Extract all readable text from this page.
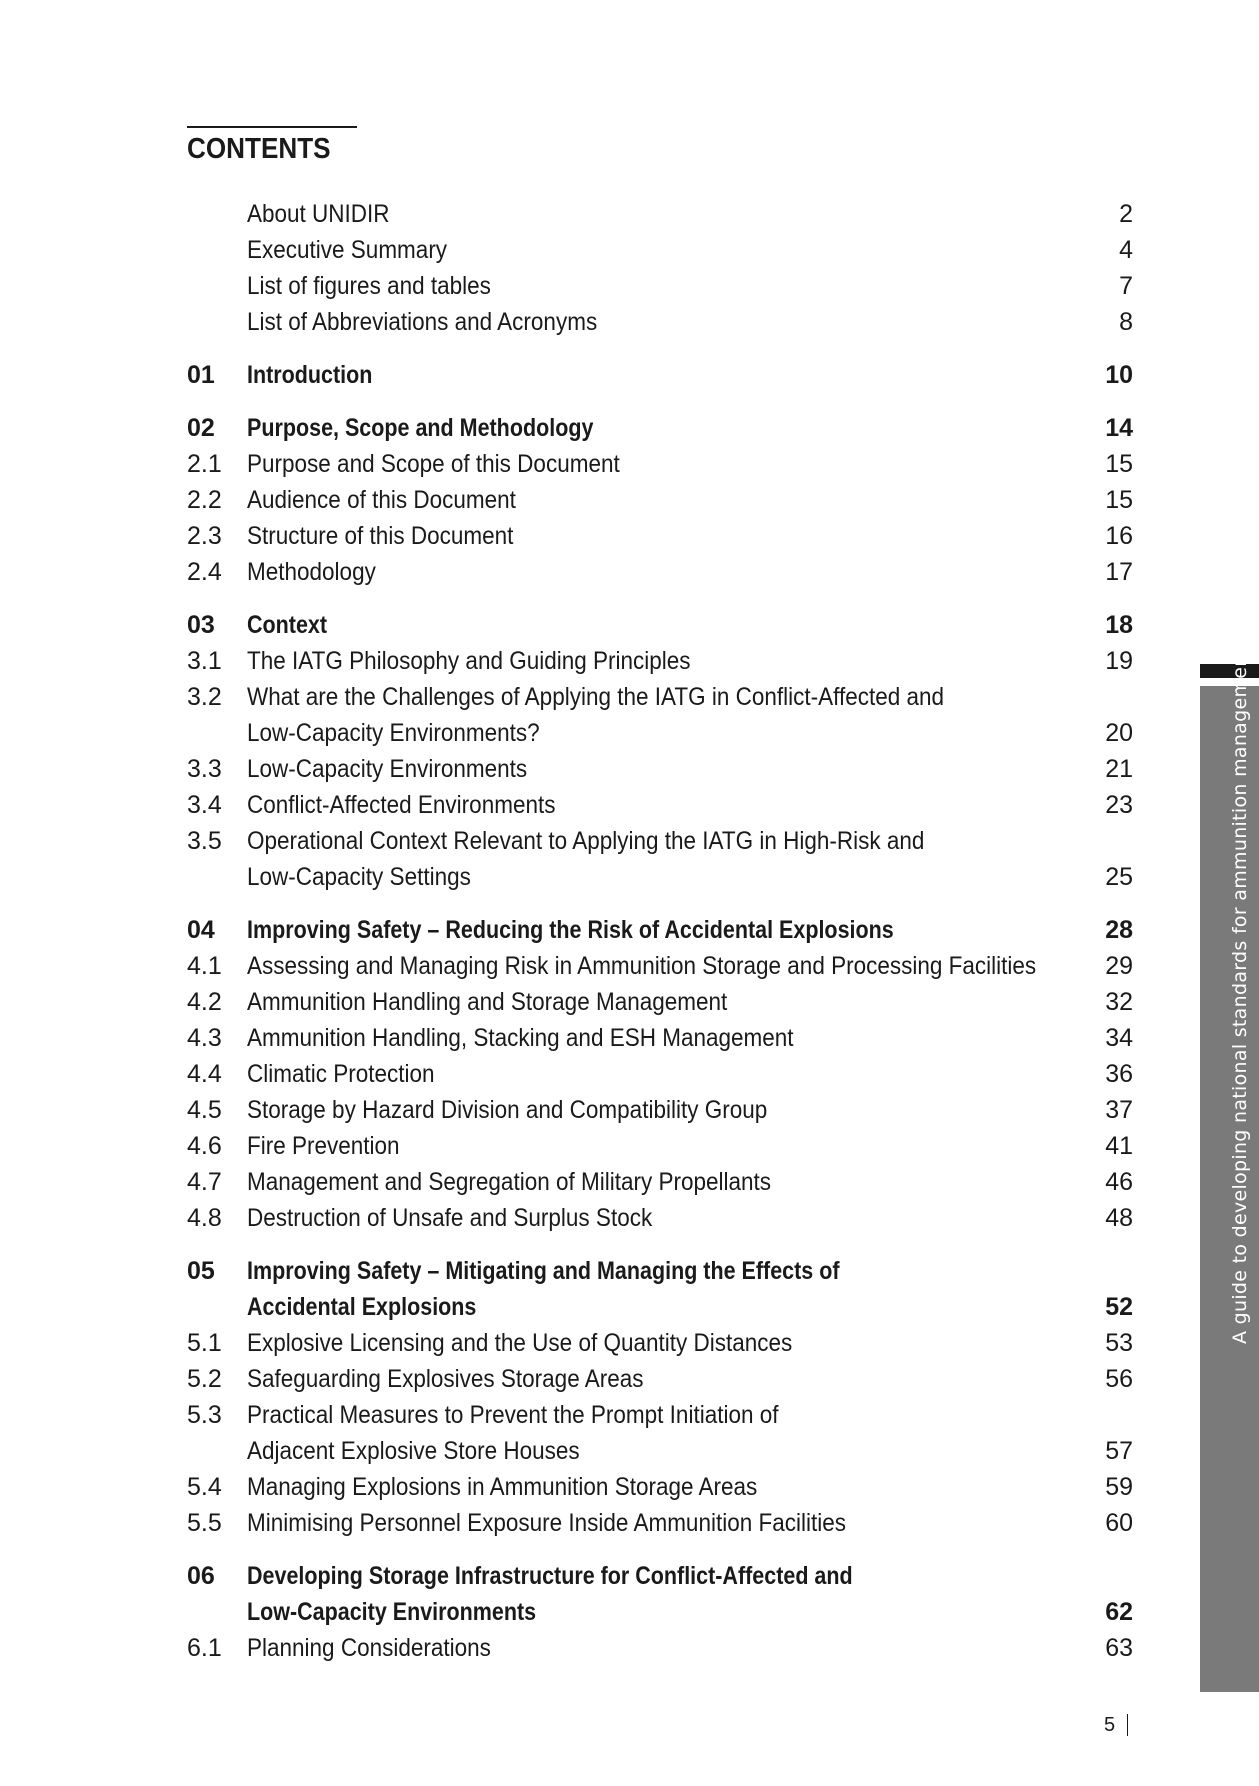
CONTENTS
About UNIDIR	2
Executive Summary	4
List of figures and tables	7
List of Abbreviations and Acronyms	8
01 Introduction	10
02 Purpose, Scope and Methodology	14
2.1 Purpose and Scope of this Document	15
2.2 Audience of this Document	15
2.3 Structure of this Document	16
2.4 Methodology	17
03 Context	18
3.1 The IATG Philosophy and Guiding Principles	19
3.2 What are the Challenges of Applying the IATG in Conflict-Affected and
Low-Capacity Environments?	20
3.3 Low-Capacity Environments	21
3.4 Conflict-Affected Environments	23
3.5 Operational Context Relevant to Applying the IATG in High-Risk and
Low-Capacity Settings	25
04 Improving Safety – Reducing the Risk of Accidental Explosions	28
4.1 Assessing and Managing Risk in Ammunition Storage and Processing Facilities	29
4.2 Ammunition Handling and Storage Management	32
4.3 Ammunition Handling, Stacking and ESH Management	34
4.4 Climatic Protection	36
4.5 Storage by Hazard Division and Compatibility Group	37
4.6 Fire Prevention	41
4.7 Management and Segregation of Military Propellants	46
4.8 Destruction of Unsafe and Surplus Stock	48
05 Improving Safety – Mitigating and Managing the Effects of
Accidental Explosions	52
5.1 Explosive Licensing and the Use of Quantity Distances	53
5.2 Safeguarding Explosives Storage Areas	56
5.3 Practical Measures to Prevent the Prompt Initiation of
Adjacent Explosive Store Houses	57
5.4 Managing Explosions in Ammunition Storage Areas	59
5.5 Minimising Personnel Exposure Inside Ammunition Facilities	60
06 Developing Storage Infrastructure for Conflict-Affected and
Low-Capacity Environments	62
6.1 Planning Considerations	63
A guide to developing national standards for ammunition managemen
5
